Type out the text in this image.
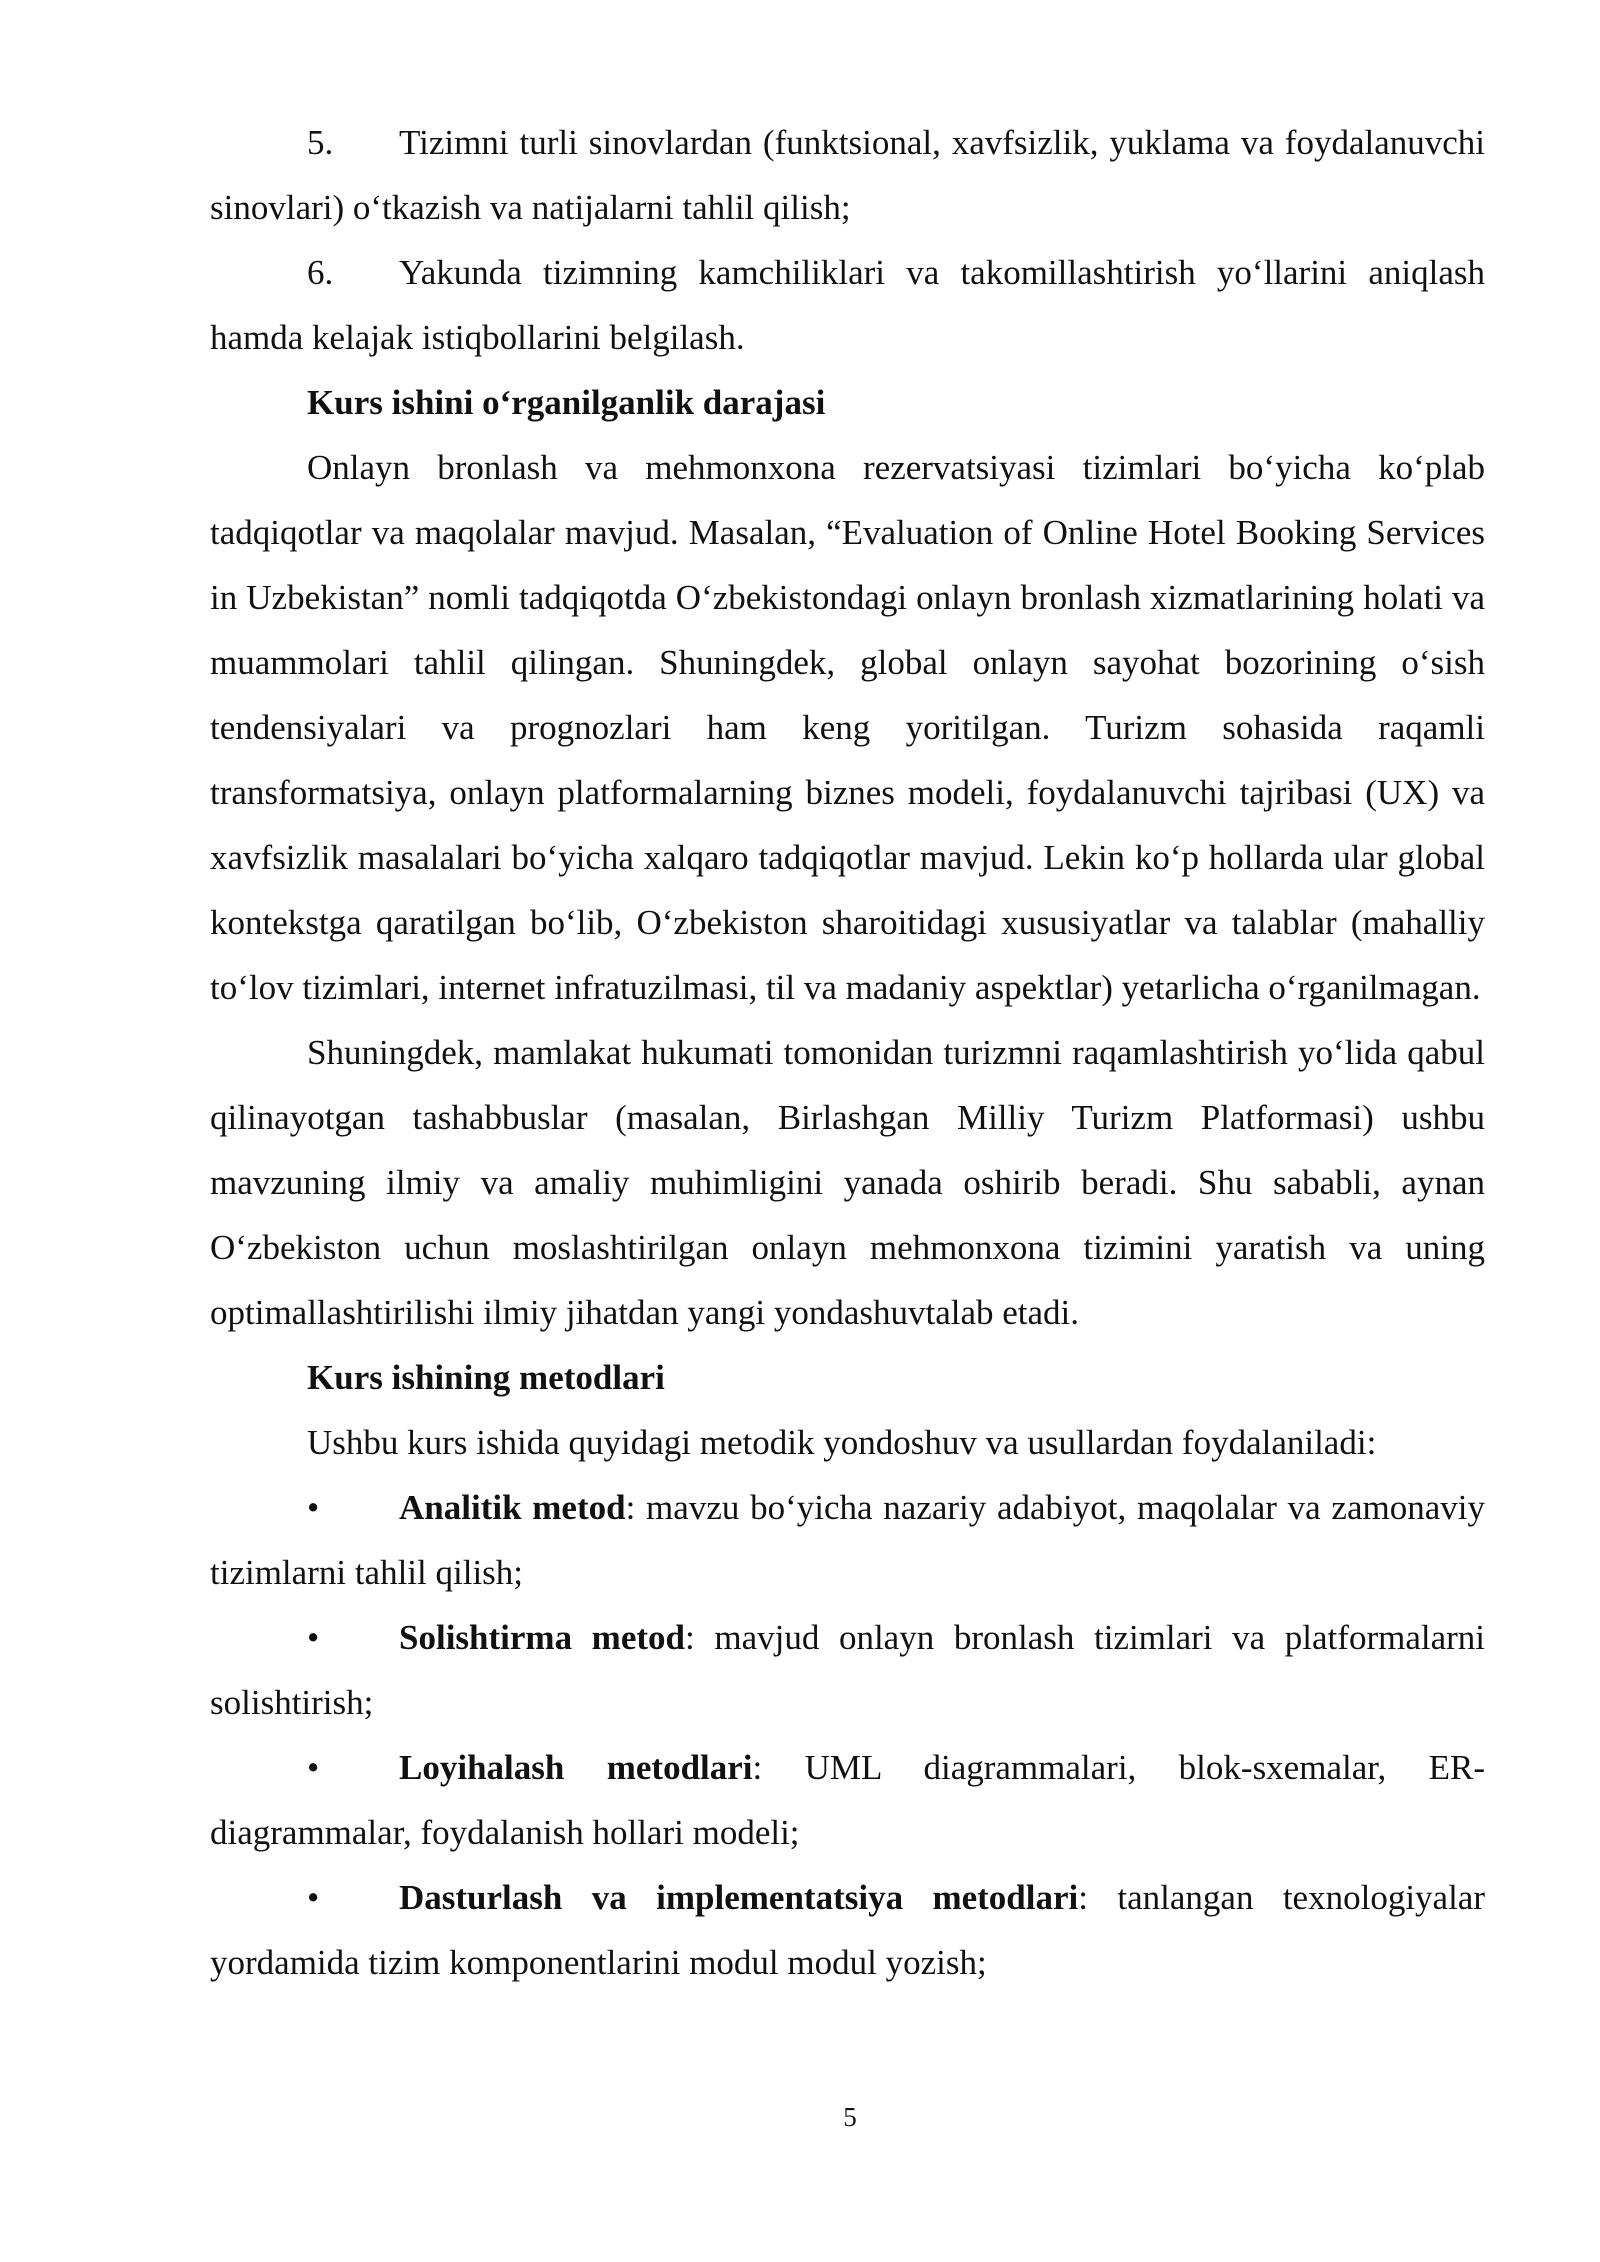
5. Tizimni turli sinovlardan (funktsional, xavfsizlik, yuklama va foydalanuvchi sinovlari) o‘tkazish va natijalarni tahlil qilish;

6. Yakunda tizimning kamchiliklari va takomillashtirish yo‘llarini aniqlash hamda kelajak istiqbollarini belgilash.

Kurs ishini o‘rganilganlik darajasi

Onlayn bronlash va mehmonxona rezervatsiyasi tizimlari bo‘yicha ko‘plab tadqiqotlar va maqolalar mavjud. Masalan, “Evaluation of Online Hotel Booking Services in Uzbekistan” nomli tadqiqotda O‘zbekistondagi onlayn bronlash xizmatlarining holati va muammolari tahlil qilingan. Shuningdek, global onlayn sayohat bozorining o‘sish tendensiyalari va prognozlari ham keng yoritilgan. Turizm sohasida raqamli transformatsiya, onlayn platformalarning biznes modeli, foydalanuvchi tajribasi (UX) va xavfsizlik masalalari bo‘yicha xalqaro tadqiqotlar mavjud. Lekin ko‘p hollarda ular global kontekstga qaratilgan bo‘lib, O‘zbekiston sharoitidagi xususiyatlar va talablar (mahalliy to‘lov tizimlari, internet infratuzilmasi, til va madaniy aspektlar) yetarlicha o‘rganilmagan.

Shuningdek, mamlakat hukumati tomonidan turizmni raqamlashtirish yo‘lida qabul qilinayotgan tashabbuslar (masalan, Birlashgan Milliy Turizm Platformasi) ushbu mavzuning ilmiy va amaliy muhimligini yanada oshirib beradi. Shu sababli, aynan O‘zbekiston uchun moslashtirilgan onlayn mehmonxona tizimini yaratish va uning optimallashtirilishi ilmiy jihatdan yangi yondashuvtalab etadi.

Kurs ishining metodlari

Ushbu kurs ishida quyidagi metodik yondoshuv va usullardan foydalaniladi:

• Analitik metod: mavzu bo‘yicha nazariy adabiyot, maqolalar va zamonaviy tizimlarni tahlil qilish;

• Solishtirma metod: mavjud onlayn bronlash tizimlari va platformalarni solishtirish;

• Loyihalash metodlari: UML diagrammalari, blok-sxemalar, ER-diagrammalar, foydalanish hollari modeli;

• Dasturlash va implementatsiya metodlari: tanlangan texnologiyalar yordamida tizim komponentlarini modul modul yozish;

5
